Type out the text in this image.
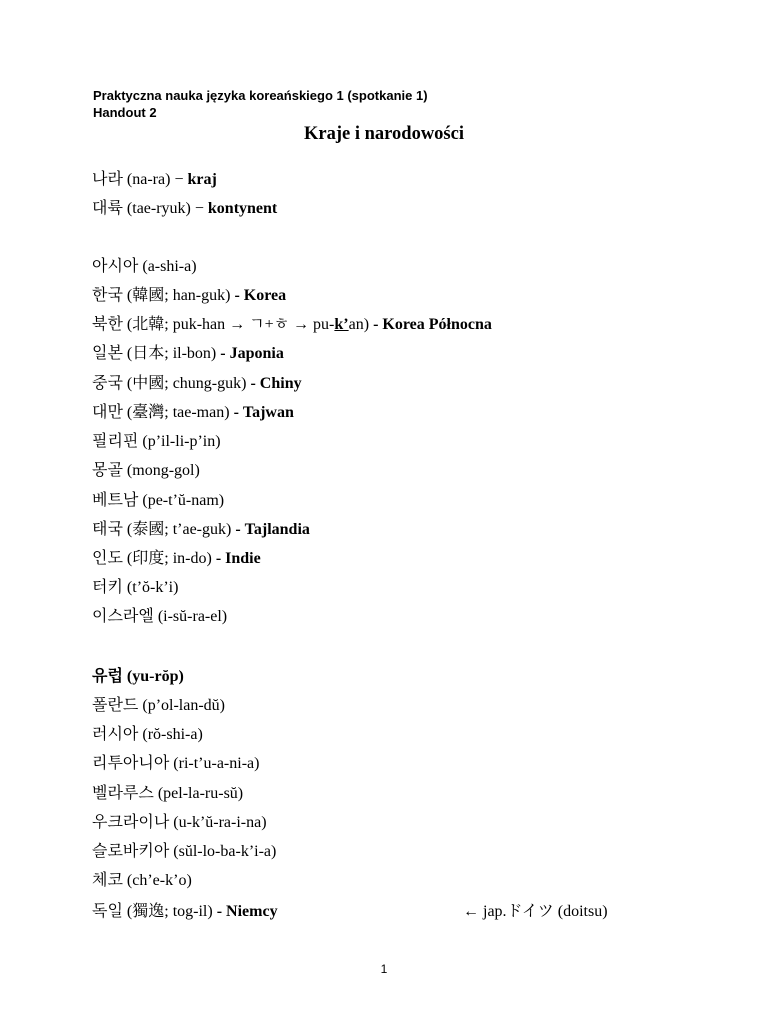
Praktyczna nauka języka koreańskiego 1 (spotkanie 1)
Handout 2
Kraje i narodowości
나라 (na-ra) − kraj
대륙 (tae-ryuk) − kontynent
아시아 (a-shi-a)
한국 (韓國; han-guk) - Korea
북한 (北韓; puk-han → ㄱ+ㅎ → pu-k’an) - Korea Północna
일본 (日本; il-bon) - Japonia
중국 (中國; chung-guk) - Chiny
대만 (臺灣; tae-man) - Tajwan
필리핀 (p’il-li-p’in)
몽골 (mong-gol)
베트남 (pe-t’ŭ-nam)
태국 (泰國; t’ae-guk) - Tajlandia
인도 (印度; in-do) - Indie
터키 (t’ŏ-k’i)
이스라엘 (i-sŭ-ra-el)
유럽 (yu-rŏp)
폴란드 (p’ol-lan-dŭ)
러시아 (rŏ-shi-a)
리투아니아 (ri-t’u-a-ni-a)
벨라루스 (pel-la-ru-sŭ)
우크라이나 (u-k’ŭ-ra-i-na)
슬로바키아 (sŭl-lo-ba-k’i-a)
체코 (ch’e-k’o)
독일 (獨逸; tog-il) - Niemcy	← jap.ドイツ (doitsu)
1
